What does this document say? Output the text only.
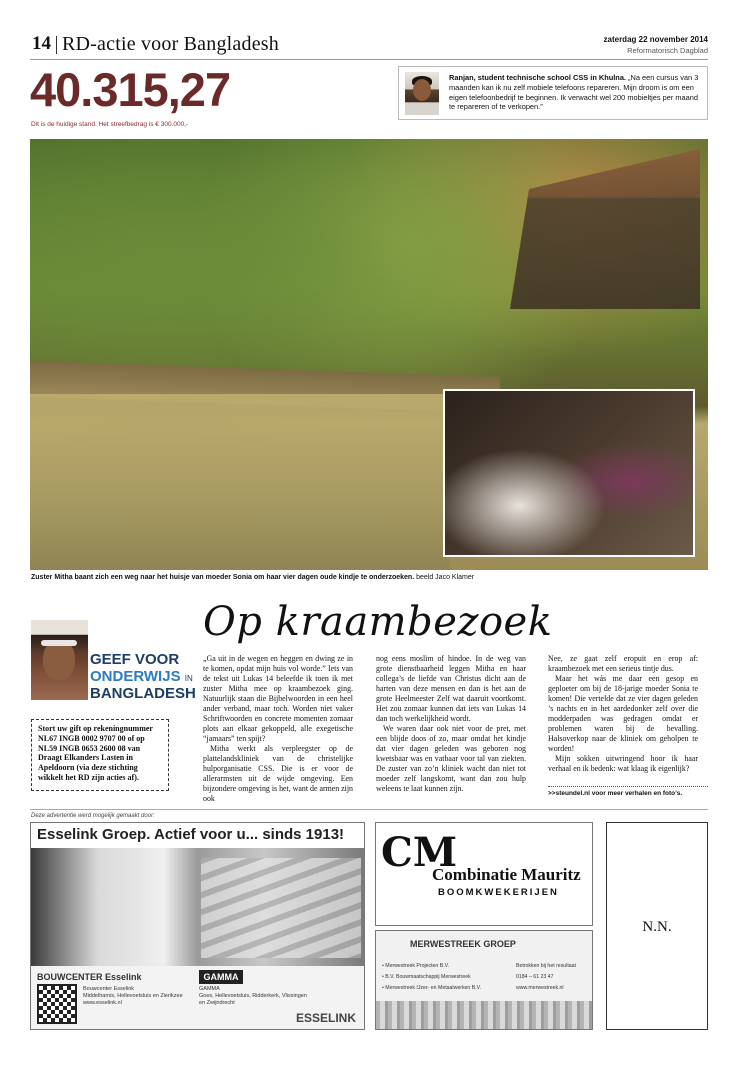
14 RD-actie voor Bangladesh	zaterdag 22 november 2014
Reformatorisch Dagblad
40.315,27
Dit is de huidige stand. Het streefbedrag is € 300.000,-
Ranjan, student technische school CSS in Khulna. „Na een cursus van 3 maanden kan ik nu zelf mobiele telefoons repareren. Mijn droom is om een eigen telefoonbedrijf te beginnen. Ik verwacht wel 200 mobieltjes per maand te repareren of te verkopen.”
Zuster Mitha baant zich een weg naar het huisje van moeder Sonia om haar vier dagen oude kindje te onderzoeken. beeld Jaco Klamer
GEEF VOOR
ONDERWIJS IN
BANGLADESH
Stort uw gift op rekeningnummer NL67 INGB 0002 9707 00 of op NL59 INGB 0653 2600 08 van Draagt Elkanders Lasten in Apeldoorn (via deze stichting wikkelt het RD zijn acties af).
Op kraambezoek

„Ga uit in de wegen en heggen en dwing ze in te komen, opdat mijn huis vol worde.” Iets van de tekst uit Lukas 14 beleefde ik toen ik met zuster Mitha mee op kraambezoek ging. Natuurlijk staan die Bijbelwoorden in een heel ander verband, maar toch. Worden niet vaker Schriftwoorden en concrete momenten zomaar plots aan elkaar gekoppeld, alle exegetische “jamaars” ten spijt?

Mitha werkt als verpleegster op de plattelandskliniek van de christelijke hulporganisatie CSS. Die is er voor de allerarmsten uit de wijde omgeving. Een bijzondere omgeving is het, want de armen zijn ook

nog eens moslim of hindoe. In de weg van grote dienstbaarheid leggen Mitha en haar collega’s de liefde van Christus dicht aan de harten van deze mensen en dan is het aan de grote Heelmeester Zelf wat daaruit voortkomt. Het zou zomaar kunnen dat iets van Lukas 14 dan toch werkelijkheid wordt.

We waren daar ook niet voor de pret, met een blijde doos of zo, maar omdat het kindje dat vier dagen geleden was geboren nog kwetsbaar was en vatbaar voor tal van ziekten. De zuster van zo’n kliniek wacht dan niet tot moeder zelf langskomt, want dan zou hulp weleens te laat kunnen zijn.

Nee, ze gaat zelf eropuit en erop af: kraambezoek met een serieus tintje dus.

Maar het wás me daar een gesop en geploeter om bij de 18-jarige moeder Sonia te komen! Die vertelde dat ze vier dagen geleden ’s nachts en in het aardedonker zelf over die modderpaden was gedragen omdat er problemen waren bij de bevalling. Halsoverkop naar de kliniek om geholpen te worden!

Mijn sokken uitwringend hoor ik haar verhaal en ik bedenk: wat klaag ik eigenlijk?

>>steundel.nl voor meer verhalen en foto’s.
Deze advertentie werd mogelijk gemaakt door:
Esselink Groep. Actief voor u... sinds 1913!
BOUWCENTER Esselink
Bouwcenter Esselink
Middelharnis, Hellevoetsluis en Zierikzee
www.esselink.nl
GAMMA
GAMMA
Goes, Hellevoetsluis, Ridderkerk, Vlissingen en Zwijndrecht
ESSELINK
CM
Combinatie Mauritz
BOOMKWEKERIJEN
MERWESTREEK GROEP
• Merwestreek Projecten B.V.
• B.V. Bouwmaatschappij Merwestreek
• Merwestreek IJzer- en Metaalwerken B.V.
Betrokken bij het resultaat
0184 – 61 23 47
www.merwestreek.nl
N.N.
